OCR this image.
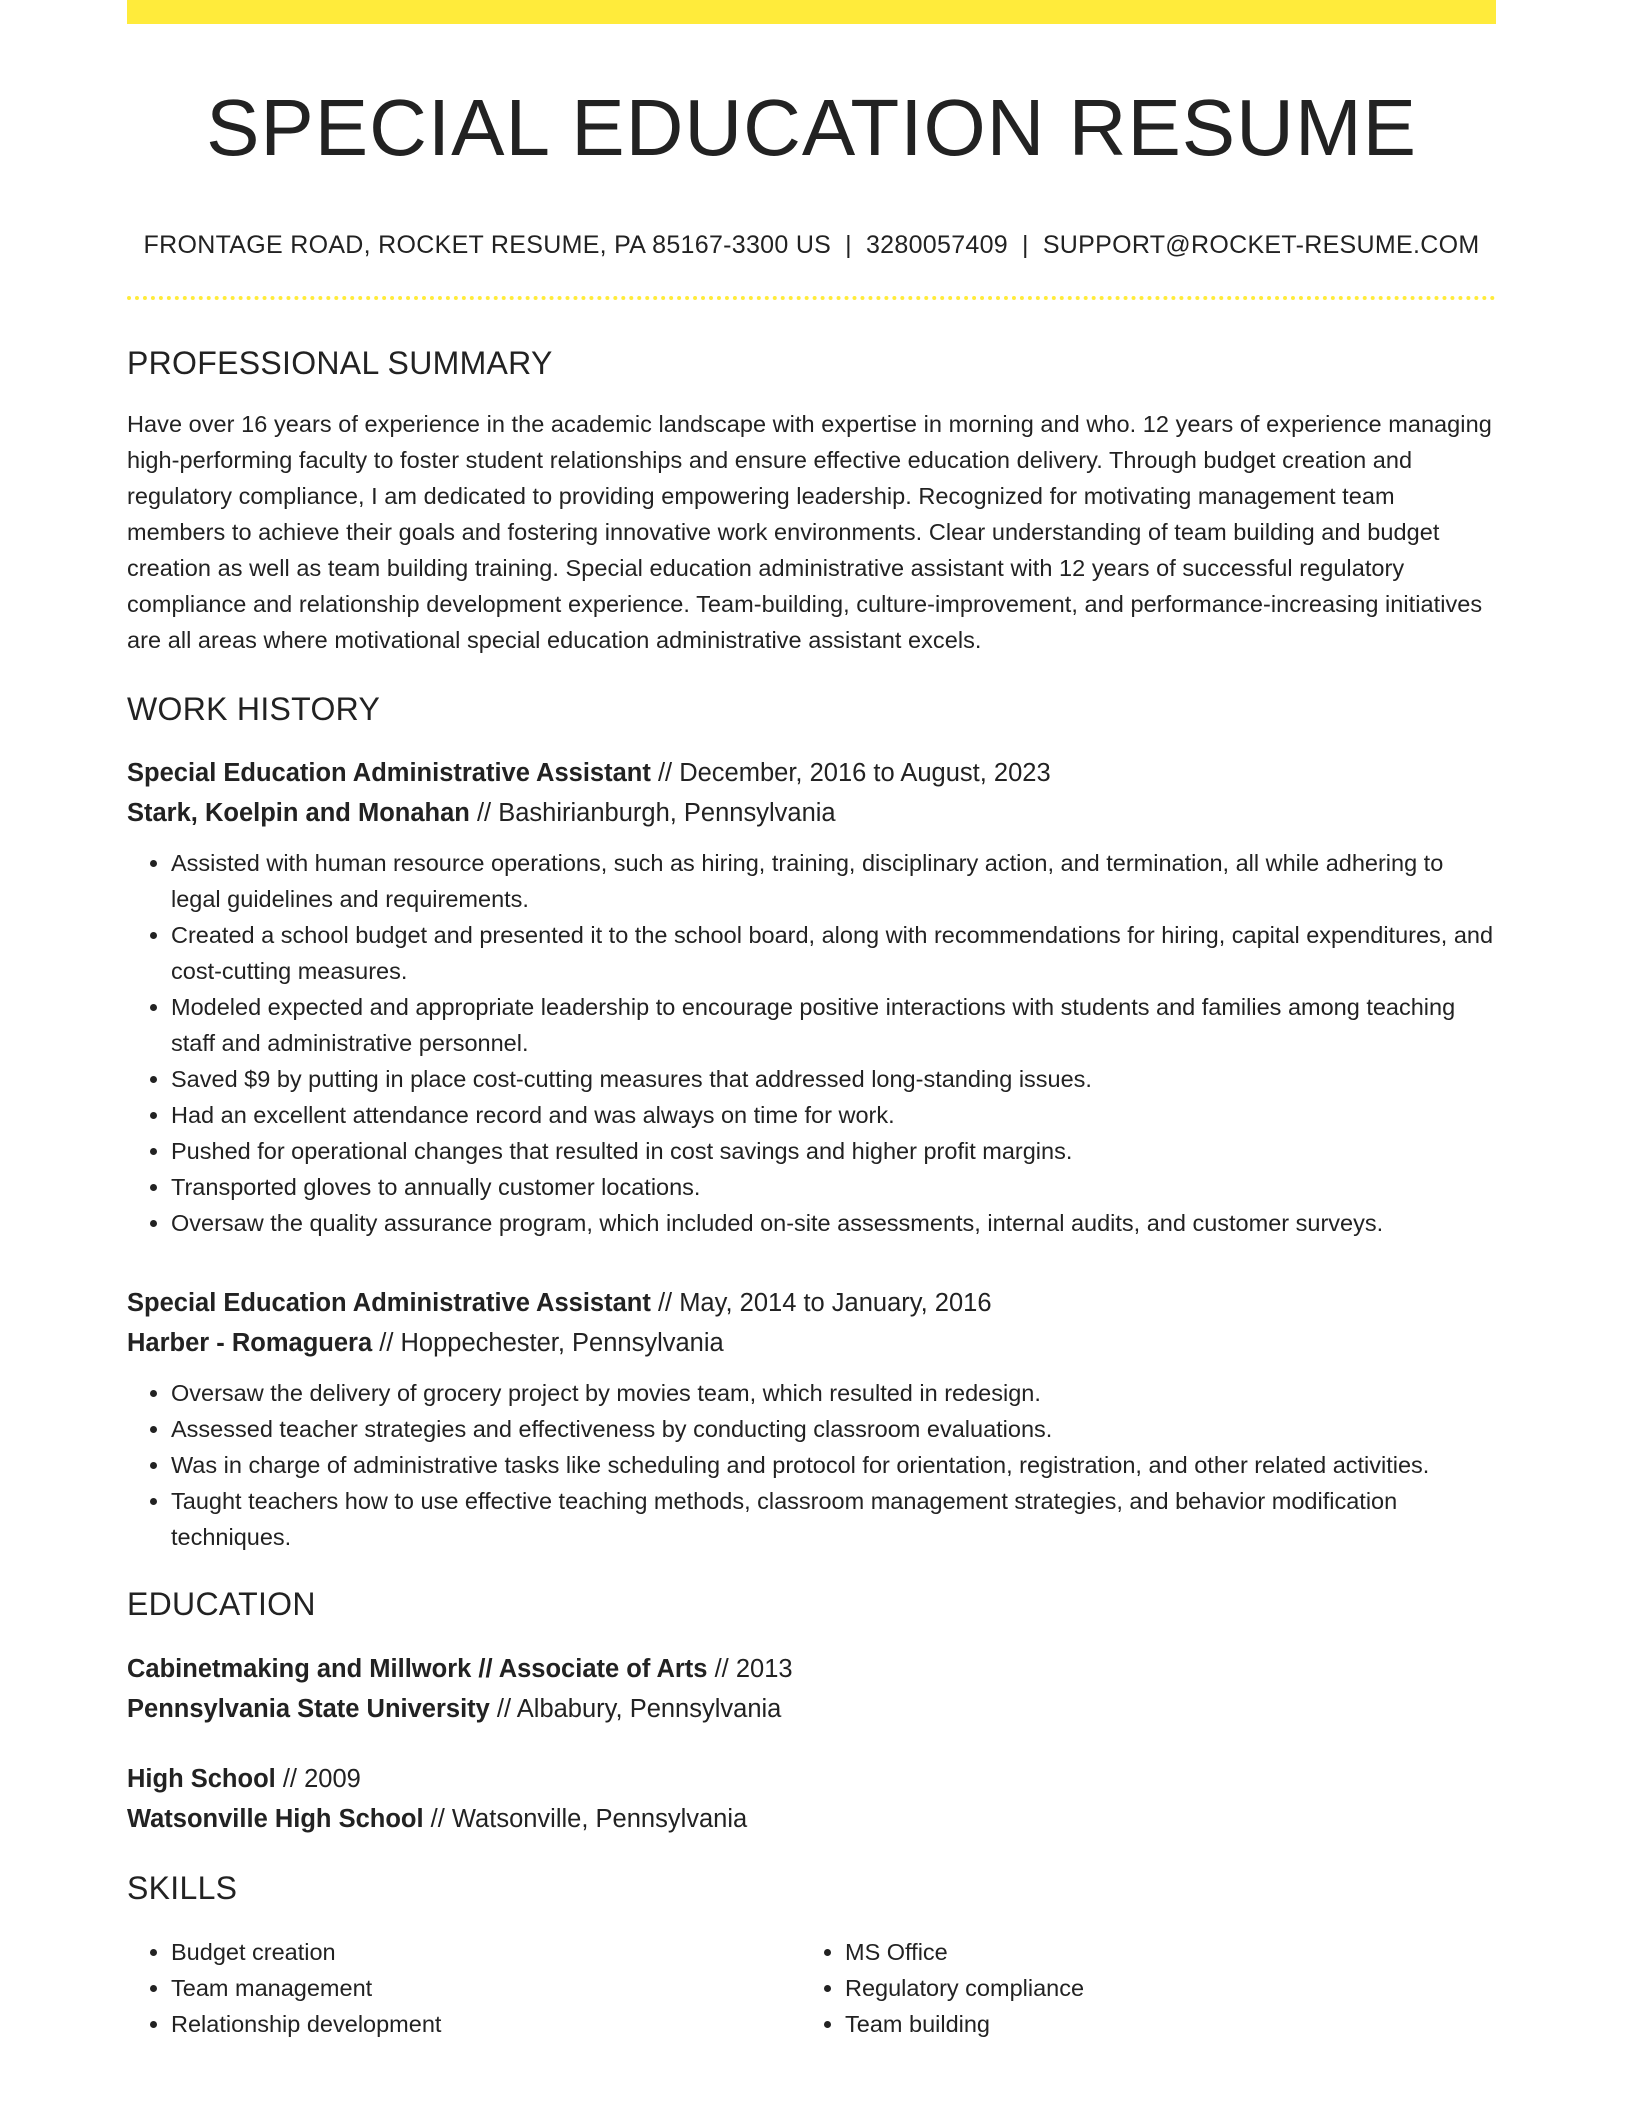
SPECIAL EDUCATION RESUME
FRONTAGE ROAD, ROCKET RESUME, PA 85167-3300 US | 3280057409 | SUPPORT@ROCKET-RESUME.COM
PROFESSIONAL SUMMARY

Have over 16 years of experience in the academic landscape with expertise in morning and who. 12 years of experience managing high-performing faculty to foster student relationships and ensure effective education delivery. Through budget creation and regulatory compliance, I am dedicated to providing empowering leadership. Recognized for motivating management team members to achieve their goals and fostering innovative work environments. Clear understanding of team building and budget creation as well as team building training. Special education administrative assistant with 12 years of successful regulatory compliance and relationship development experience. Team-building, culture-improvement, and performance-increasing initiatives are all areas where motivational special education administrative assistant excels.

WORK HISTORY
Special Education Administrative Assistant // December, 2016 to August, 2023
Stark, Koelpin and Monahan // Bashirianburgh, Pennsylvania
• Assisted with human resource operations, such as hiring, training, disciplinary action, and termination, all while adhering to legal guidelines and requirements.
• Created a school budget and presented it to the school board, along with recommendations for hiring, capital expenditures, and cost-cutting measures.
• Modeled expected and appropriate leadership to encourage positive interactions with students and families among teaching staff and administrative personnel.
• Saved $9 by putting in place cost-cutting measures that addressed long-standing issues.
• Had an excellent attendance record and was always on time for work.
• Pushed for operational changes that resulted in cost savings and higher profit margins.
• Transported gloves to annually customer locations.
• Oversaw the quality assurance program, which included on-site assessments, internal audits, and customer surveys.
Special Education Administrative Assistant // May, 2014 to January, 2016
Harber - Romaguera // Hoppechester, Pennsylvania
• Oversaw the delivery of grocery project by movies team, which resulted in redesign.
• Assessed teacher strategies and effectiveness by conducting classroom evaluations.
• Was in charge of administrative tasks like scheduling and protocol for orientation, registration, and other related activities.
• Taught teachers how to use effective teaching methods, classroom management strategies, and behavior modification techniques.
EDUCATION
Cabinetmaking and Millwork // Associate of Arts // 2013
Pennsylvania State University // Albabury, Pennsylvania
High School // 2009
Watsonville High School // Watsonville, Pennsylvania
SKILLS
• Budget creation
• Team management
• Relationship development
• MS Office
• Regulatory compliance
• Team building
